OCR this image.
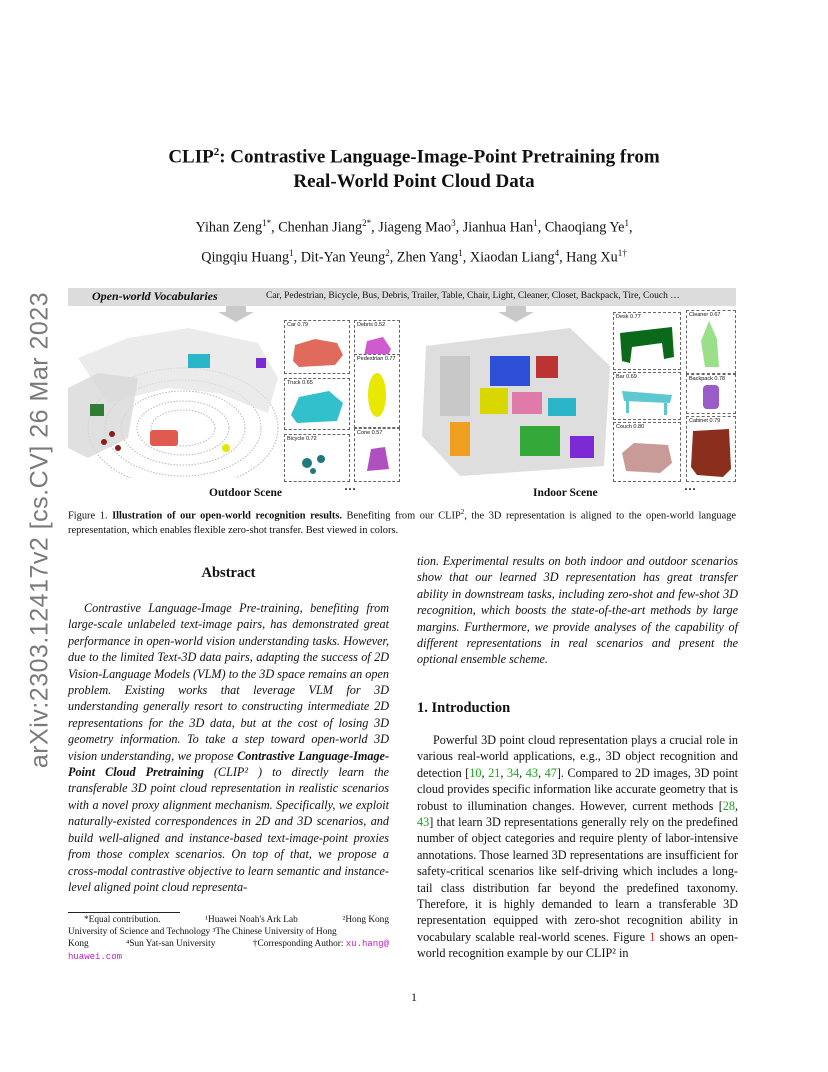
arXiv:2303.12417v2 [cs.CV] 26 Mar 2023
CLIP$^2$: Contrastive Language-Image-Point Pretraining from
Real-World Point Cloud Data
Yihan Zeng$^{1*}$, Chenhan Jiang$^{2*}$, Jiageng Mao$^3$, Jianhua Han$^1$, Chaoqiang Ye$^1$,
Qingqiu Huang$^1$, Dit-Yan Yeung$^2$, Zhen Yang$^1$, Xiaodan Liang$^4$, Hang $Xu^{1\dagger}$
Open-world Vocabularies	Car, Pedestrian, Bicycle, Bus, Debris, Trailer, Table, Chair, Light, Cleaner, Closet, Backpack, Tire, Couch …
Car 0.79	Debris 0.52
Truck 0.65
Pedestrian 0.77
Bicycle 0.72
Cone 0.57
Desk 0.77	Cleaner 0.67
Bar 0.69	Backpack 0.78
Couch 0.80
Cabinet 0.79
Outdoor Scene	…	Indoor Scene	…
Figure 1. Illustration of our open-world recognition results. Benefiting from our CLIP$^2$, the 3D representation is aligned to the open-world language representation, which enables flexible zero-shot transfer. Best viewed in colors.
Abstract
Contrastive Language-Image Pre-training, benefiting from large-scale unlabeled text-image pairs, has demonstrated great performance in open-world vision understanding tasks. However, due to the limited Text-3D data pairs, adapting the success of 2D Vision-Language Models (VLM) to the 3D space remains an open problem. Existing works that leverage VLM for 3D understanding generally resort to constructing intermediate 2D representations for the 3D data, but at the cost of losing 3D geometry information. To take a step toward open-world 3D vision understanding, we propose Contrastive Language-Image-Point Cloud Pretraining (CLIP² ) to directly learn the transferable 3D point cloud representation in realistic scenarios with a novel proxy alignment mechanism. Specifically, we exploit naturally-existed correspondences in 2D and 3D scenarios, and build well-aligned and instance-based text-image-point proxies from those complex scenarios. On top of that, we propose a cross-modal contrastive objective to learn semantic and instance-level aligned point cloud representa-
*Equal contribution.	¹Huawei Noah's Ark Lab	²Hong Kong
University of Science and Technology ³The Chinese University of Hong
Kong	⁴Sun Yat-san University	†Corresponding Author: xu.hang@
huawei.com
tion. Experimental results on both indoor and outdoor scenarios show that our learned 3D representation has great transfer ability in downstream tasks, including zero-shot and few-shot 3D recognition, which boosts the state-of-the-art methods by large margins. Furthermore, we provide analyses of the capability of different representations in real scenarios and present the optional ensemble scheme.
1. Introduction
Powerful 3D point cloud representation plays a crucial role in various real-world applications, e.g., 3D object recognition and detection [10, 21, 34, 43, 47]. Compared to 2D images, 3D point cloud provides specific information like accurate geometry that is robust to illumination changes. However, current methods [28, 43] that learn 3D representations generally rely on the predefined number of object categories and require plenty of labor-intensive annotations. Those learned 3D representations are insufficient for safety-critical scenarios like self-driving which includes a long-tail class distribution far beyond the predefined taxonomy. Therefore, it is highly demanded to learn a transferable 3D representation equipped with zero-shot recognition ability in vocabulary scalable real-world scenes. Figure 1 shows an open-world recognition example by our CLIP² in
1
